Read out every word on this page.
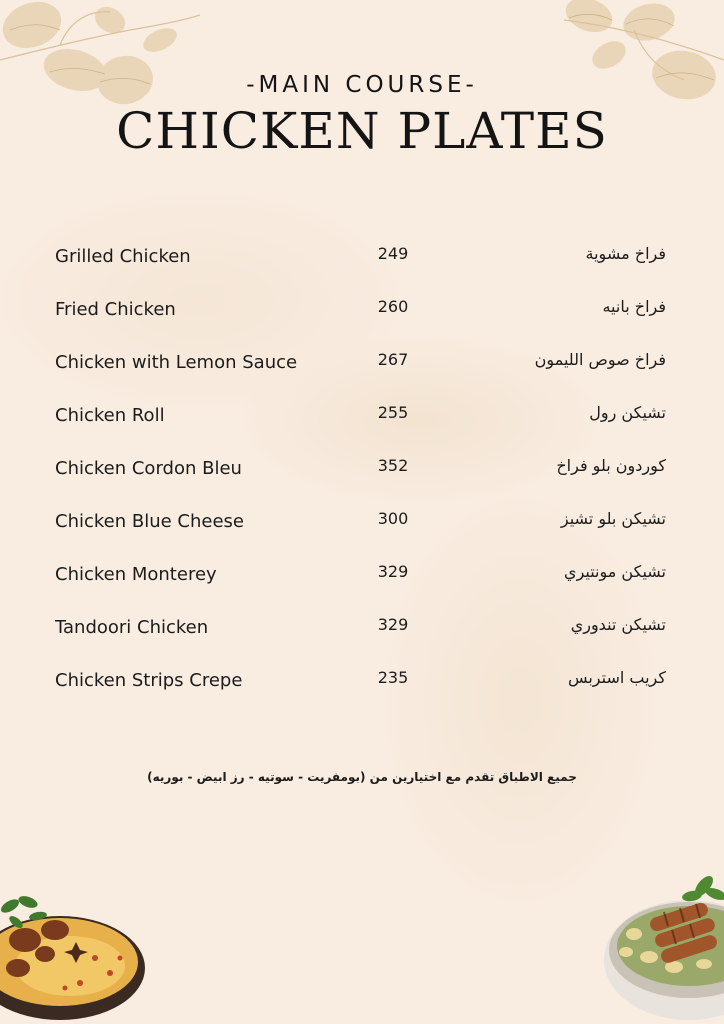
-MAIN COURSE-
CHICKEN PLATES
Grilled Chicken	249	فراخ مشوية
Fried Chicken	260	فراخ بانيه
Chicken with Lemon Sauce	267	فراخ صوص الليمون
Chicken Roll	255	تشيكن رول
Chicken Cordon Bleu	352	كوردون بلو فراخ
Chicken Blue Cheese	300	تشيكن بلو تشيز
Chicken Monterey	329	تشيكن مونتيري
Tandoori Chicken	329	تشيكن تندوري
Chicken Strips Crepe	235	كريب استربس
جميع الاطباق تقدم مع اختيارين من (بومفريت - سوتيه - رز ابيض - بوريه)
